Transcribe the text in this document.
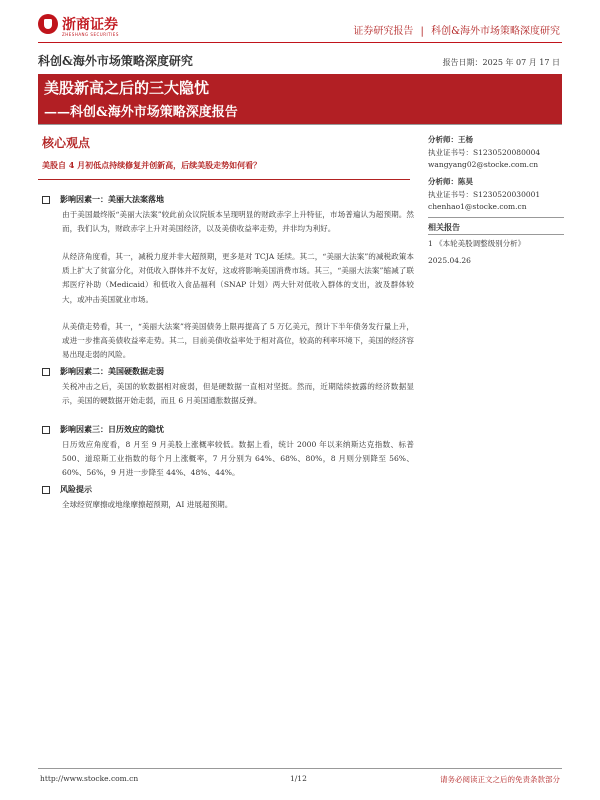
浙商证券
ZHESHANG SECURITIES	证券研究报告 | 科创&海外市场策略深度研究
科创&海外市场策略深度研究	报告日期：2025 年 07 月 17 日
美股新高之后的三大隐忧
——科创&海外市场策略深度报告
核心观点
美股自 4 月初低点持续修复并创新高，后续美股走势如何看？
影响因素一：美丽大法案落地
由于美国最终版“美丽大法案”较此前众议院版本呈现明显的财政赤字上升特征，市场普遍认为超预期。然而，我们认为，财政赤字上升对美国经济，以及美债收益率走势，并非均为利好。
从经济角度看，其一，减税力度并非大超预期，更多是对 TCJA 延续。其二，“美丽大法案”的减税政策本质上扩大了贫富分化，对低收入群体并不友好，这或将影响美国消费市场。其三，“美丽大法案”缩减了联邦医疗补助（Medicaid）和低收入食品福利（SNAP 计划）两大针对低收入群体的支出，波及群体较大，或冲击美国就业市场。
从美债走势看，其一，“美丽大法案”将美国债务上限再提高了 5 万亿美元，预计下半年债务发行量上升，或进一步推高美债收益率走势。其二，目前美债收益率处于相对高位，较高的利率环境下，美国的经济容易出现走弱的风险。
影响因素二：美国硬数据走弱
关税冲击之后，美国的软数据相对疲弱，但是硬数据一直相对坚挺。然而，近期陆续披露的经济数据显示，美国的硬数据开始走弱，而且 6 月美国通胀数据反弹。
影响因素三：日历效应的隐忧
日历效应角度看，8 月至 9 月美股上涨概率较低。数据上看，统计 2000 年以来纳斯达克指数、标普 500、道琼斯工业指数的每个月上涨概率，7 月分别为 64%、68%、80%，8 月则分别降至 56%、60%、56%，9 月进一步降至 44%、48%、44%。
风险提示
全球经贸摩擦或地缘摩擦超预期，AI 进展超预期。
分析师：王杨
执业证书号：S1230520080004
wangyang02@stocke.com.cn
分析师：陈昊
执业证书号：S1230520030001
chenhao1@stocke.com.cn
相关报告
1 《本轮美股调整级别分析》
2025.04.26
http://www.stocke.com.cn	1/12	请务必阅读正文之后的免责条款部分
